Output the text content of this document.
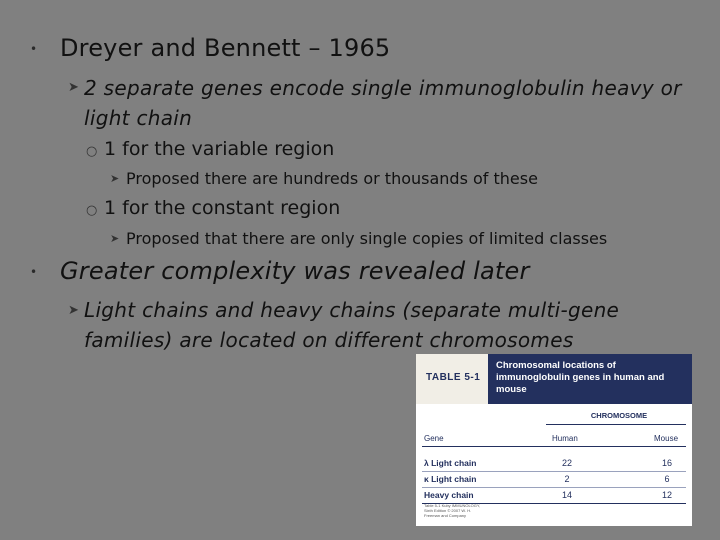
• Dreyer and Bennett – 1965
➤ 2 separate genes encode single immunoglobulin heavy or light chain
○ 1 for the variable region
➤ Proposed there are hundreds or thousands of these
○ 1 for the constant region
➤ Proposed that there are only single copies of limited classes
• Greater complexity was revealed later
➤ Light chains and heavy chains (separate multi-gene families) are located on different chromosomes
TABLE 5-1
Chromosomal locations of immunoglobulin genes in human and mouse
CHROMOSOME
Gene	Human	Mouse
λ Light chain	22	16
κ Light chain	2	6
Heavy chain	14	12
Table 5-1 Kuby IMMUNOLOGY, Sixth Edition © 2007 W. H. Freeman and Company
